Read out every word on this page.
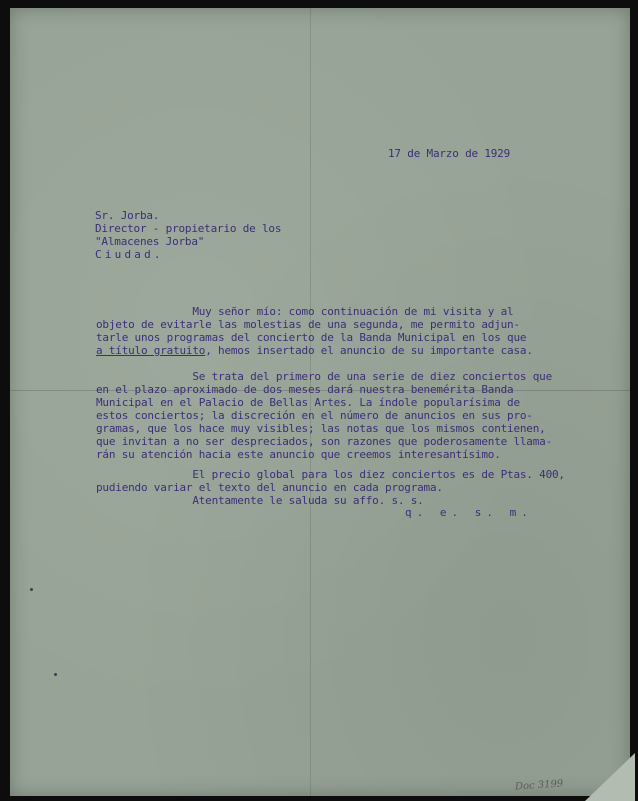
17 de Marzo de 1929
Sr. Jorba.
Director - propietario de los
"Almacenes Jorba"
Ciudad.
Muy señor mío: como continuación de mi visita y al
objeto de evitarle las molestias de una segunda, me permito adjun-
tarle unos programas del concierto de la Banda Municipal en los que
a título gratuito, hemos insertado el anuncio de su importante casa.
Se trata del primero de una serie de diez conciertos que
en el plazo aproximado de dos meses dará nuestra benemérita Banda
Municipal en el Palacio de Bellas Artes. La índole popularísima de
estos conciertos; la discreción en el número de anuncios en sus pro-
gramas, que los hace muy visibles; las notas que los mismos contienen,
que invitan a no ser despreciados, son razones que poderosamente llama-
rán su atención hacia este anuncio que creemos interesantísimo.
El precio global para los diez conciertos es de Ptas. 400,
pudiendo variar el texto del anuncio en cada programa.
Atentamente le saluda su affo. s. s.
q. e. s. m.
Doc 3199
